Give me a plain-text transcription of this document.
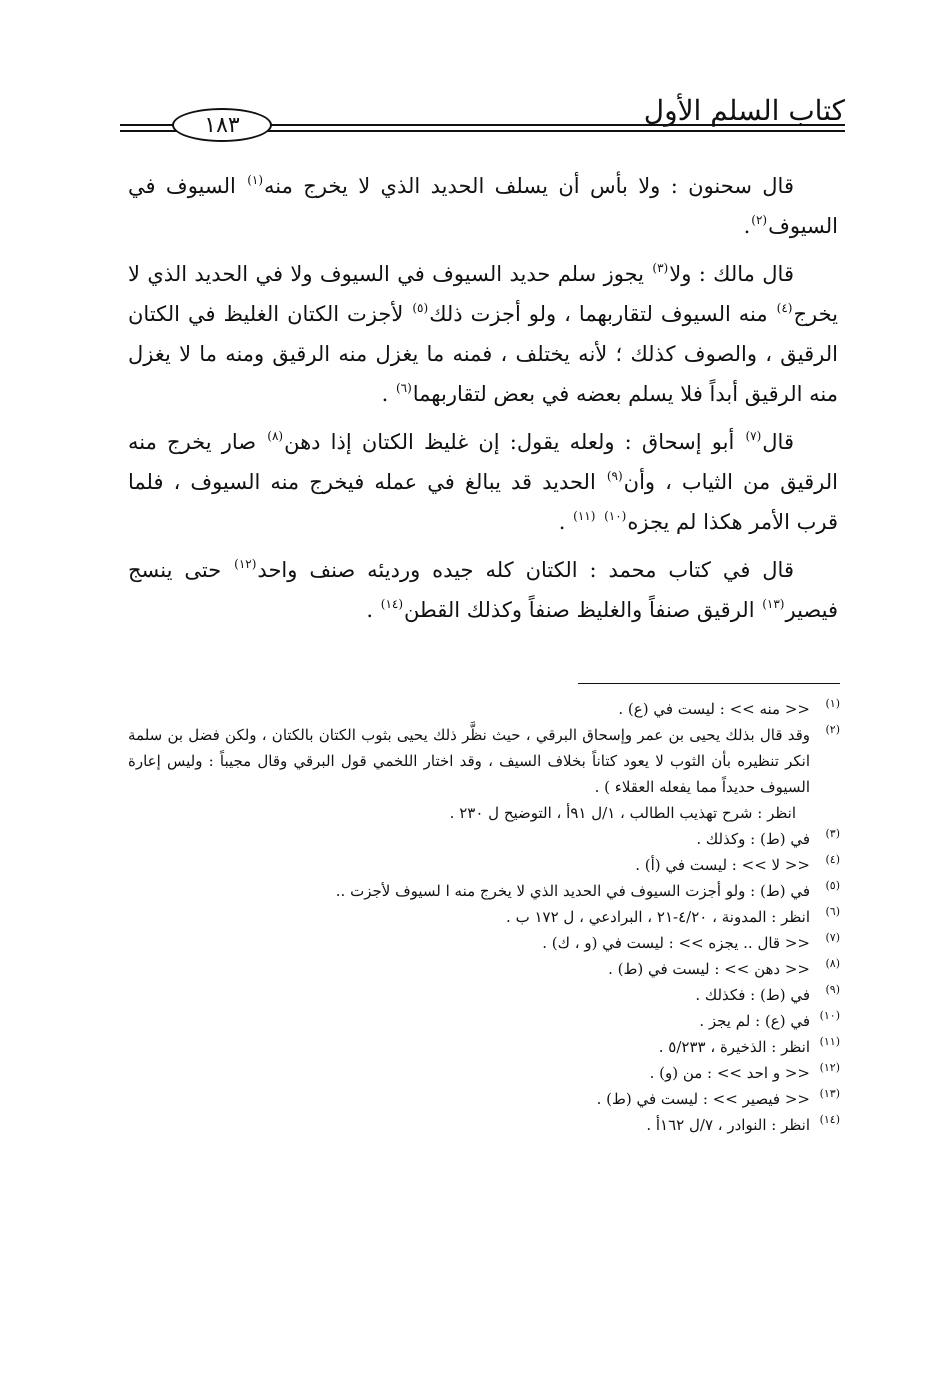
كتاب السلم الأول
١٨٣

قال سحنون : ولا بأس أن يسلف الحديد الذي لا يخرج منه$^{(١)}$ السيوف في السيوف$^{(٢)}$.

قال مالك : ولا$^{(٣)}$ يجوز سلم حديد السيوف في السيوف ولا في الحديد الذي لا يخرج$^{(٤)}$ منه السيوف لتقاربهما ، ولو أجزت ذلك$^{(٥)}$ لأجزت الكتان الغليظ في الكتان الرقيق ، والصوف كذلك ؛ لأنه يختلف ، فمنه ما يغزل منه الرقيق ومنه ما لا يغزل منه الرقيق أبداً فلا يسلم بعضه في بعض لتقاربهما$^{(٦)}$ .

قال$^{(٧)}$ أبو إسحاق : ولعله يقول: إن غليظ الكتان إذا دهن$^{(٨)}$ صار يخرج منه الرقيق من الثياب ، وأن$^{(٩)}$ الحديد قد يبالغ في عمله فيخرج منه السيوف ، فلما قرب الأمر هكذا لم يجزه$^{(١٠)}$ $^{(١١)}$ .

قال في كتاب محمد : الكتان كله جيده ورديئه صنف واحد$^{(١٢)}$ حتى ينسج فيصير$^{(١٣)}$ الرقيق صنفاً والغليظ صنفاً وكذلك القطن$^{(١٤)}$ .

(١)
<< منه >> : ليست في (ع) .
(٢)
وقد قال بذلك يحيى بن عمر وإسحاق البرقي ، حيث نظَّر ذلك يحيى بثوب الكتان بالكتان ، ولكن فضل بن سلمة انكر تنظيره بأن الثوب لا يعود كتاناً بخلاف السيف ، وقد اختار اللخمي قول البرقي وقال مجيباً : وليس إعارة السيوف حديداً مما يفعله العقلاء ) .
انظر : شرح تهذيب الطالب ، ١/ل ٩١أ ، التوضيح ل ٢٣٠ .
(٣)
في (ط) : وكذلك .
(٤)
<< لا >> : ليست في (أ) .
(٥)
في (ط) : ولو أجزت السيوف في الحديد الذي لا يخرج منه ا لسيوف لأجزت ..
(٦)
انظر : المدونة ، ٤/٢٠-٢١ ، البرادعي ، ل ١٧٢ ب .
(٧)
<< قال .. يجزه >> : ليست في (و ، ك) .
(٨)
<< دهن >> : ليست في (ط) .
(٩)
في (ط) : فكذلك .
(١٠)
في (ع) : لم يجز .
(١١)
انظر : الذخيرة ، ٥/٢٣٣ .
(١٢)
<< و احد >> : من (و) .
(١٣)
<< فيصير >> : ليست في (ط) .
(١٤)
انظر : النوادر ، ٧/ل ١٦٢أ .
